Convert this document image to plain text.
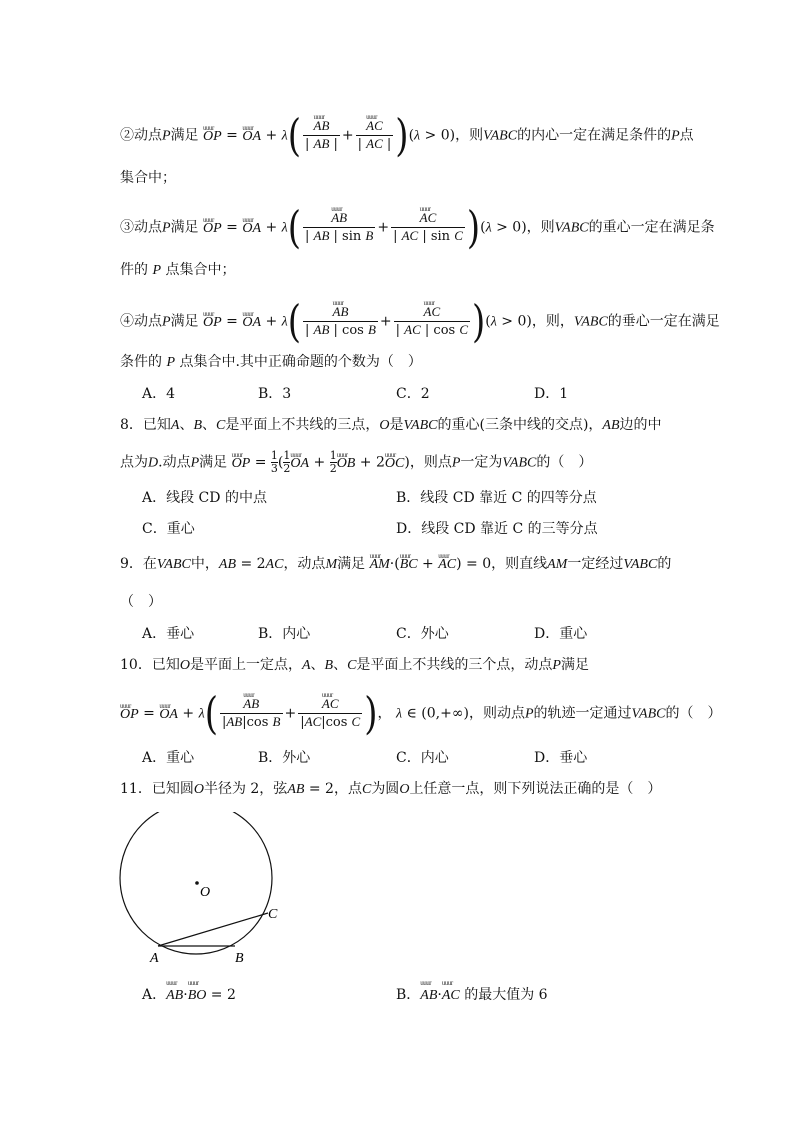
②动点P满足 uuur OP = uuur OA + λ( uuur $\frac{AB}{| AB |}$ + uuur $\frac{AC}{| AC |} )(\lambda > 0)$，则VABC的内心一定在满足条件的P点
集合中；
③动点P满足 uuur OP = uuur OA + λ( uuur $\frac{AB}{\text{| AB | sin B}}$ + uuur $\frac{AC}{\text{| AC | sin C}} )(\lambda > 0)$，则VABC的重心一定在满足条
件的 P 点集合中；
④动点P满足 uuur OP = uuur OA + λ( uuur $\frac{AB}{\text{| AB | cos B}}$ + uuur $\frac{AC}{\text{| AC | cos C}} )(\lambda > 0)$，则，VABC的垂心一定在满足
条件的 P 点集合中.其中正确命题的个数为（　）
A．4	B．3	C．2	D．1
8．已知A、B、C是平面上不共线的三点，O是VABC的重心(三条中线的交点)，AB边的中
点为D.动点P满足 uuur OP = $\frac{1}{3}$( $\frac{1}{2}uuur$ OA + $\frac{1}{2}uuur$ OB + 2uuur OC)，则点P一定为VABC的（　）
A．线段 CD 的中点	B．线段 CD 靠近 C 的四等分点
C．重心	D．线段 CD 靠近 C 的三等分点
9．在VABC中，AB = 2AC，动点M满足 uuur AM·(uuur BC + uuur AC) = 0，则直线AM一定经过VABC的
（　）
A．垂心	B．内心	C．外心	D．重心
10．已知O是平面上一定点，A、B、C是平面上不共线的三个点，动点P满足
uuur OP = uuur OA + λ( uuur $\frac{AB}{\text{|AB|cos B}}$ + uuur $\frac{AC}{\text{|AC|cos C}}$ )， λ ∈ (0,+∞)，则动点P的轨迹一定通过VABC的（　）
A．重心	B．外心	C．内心	D．垂心
11．已知圆O半径为 2，弦AB = 2，点C为圆O上任意一点，则下列说法正确的是（　）
O
A	B
C
A．uuur AB·uuur BO = 2	B．uuur AB·uuur AC 的最大值为 6
